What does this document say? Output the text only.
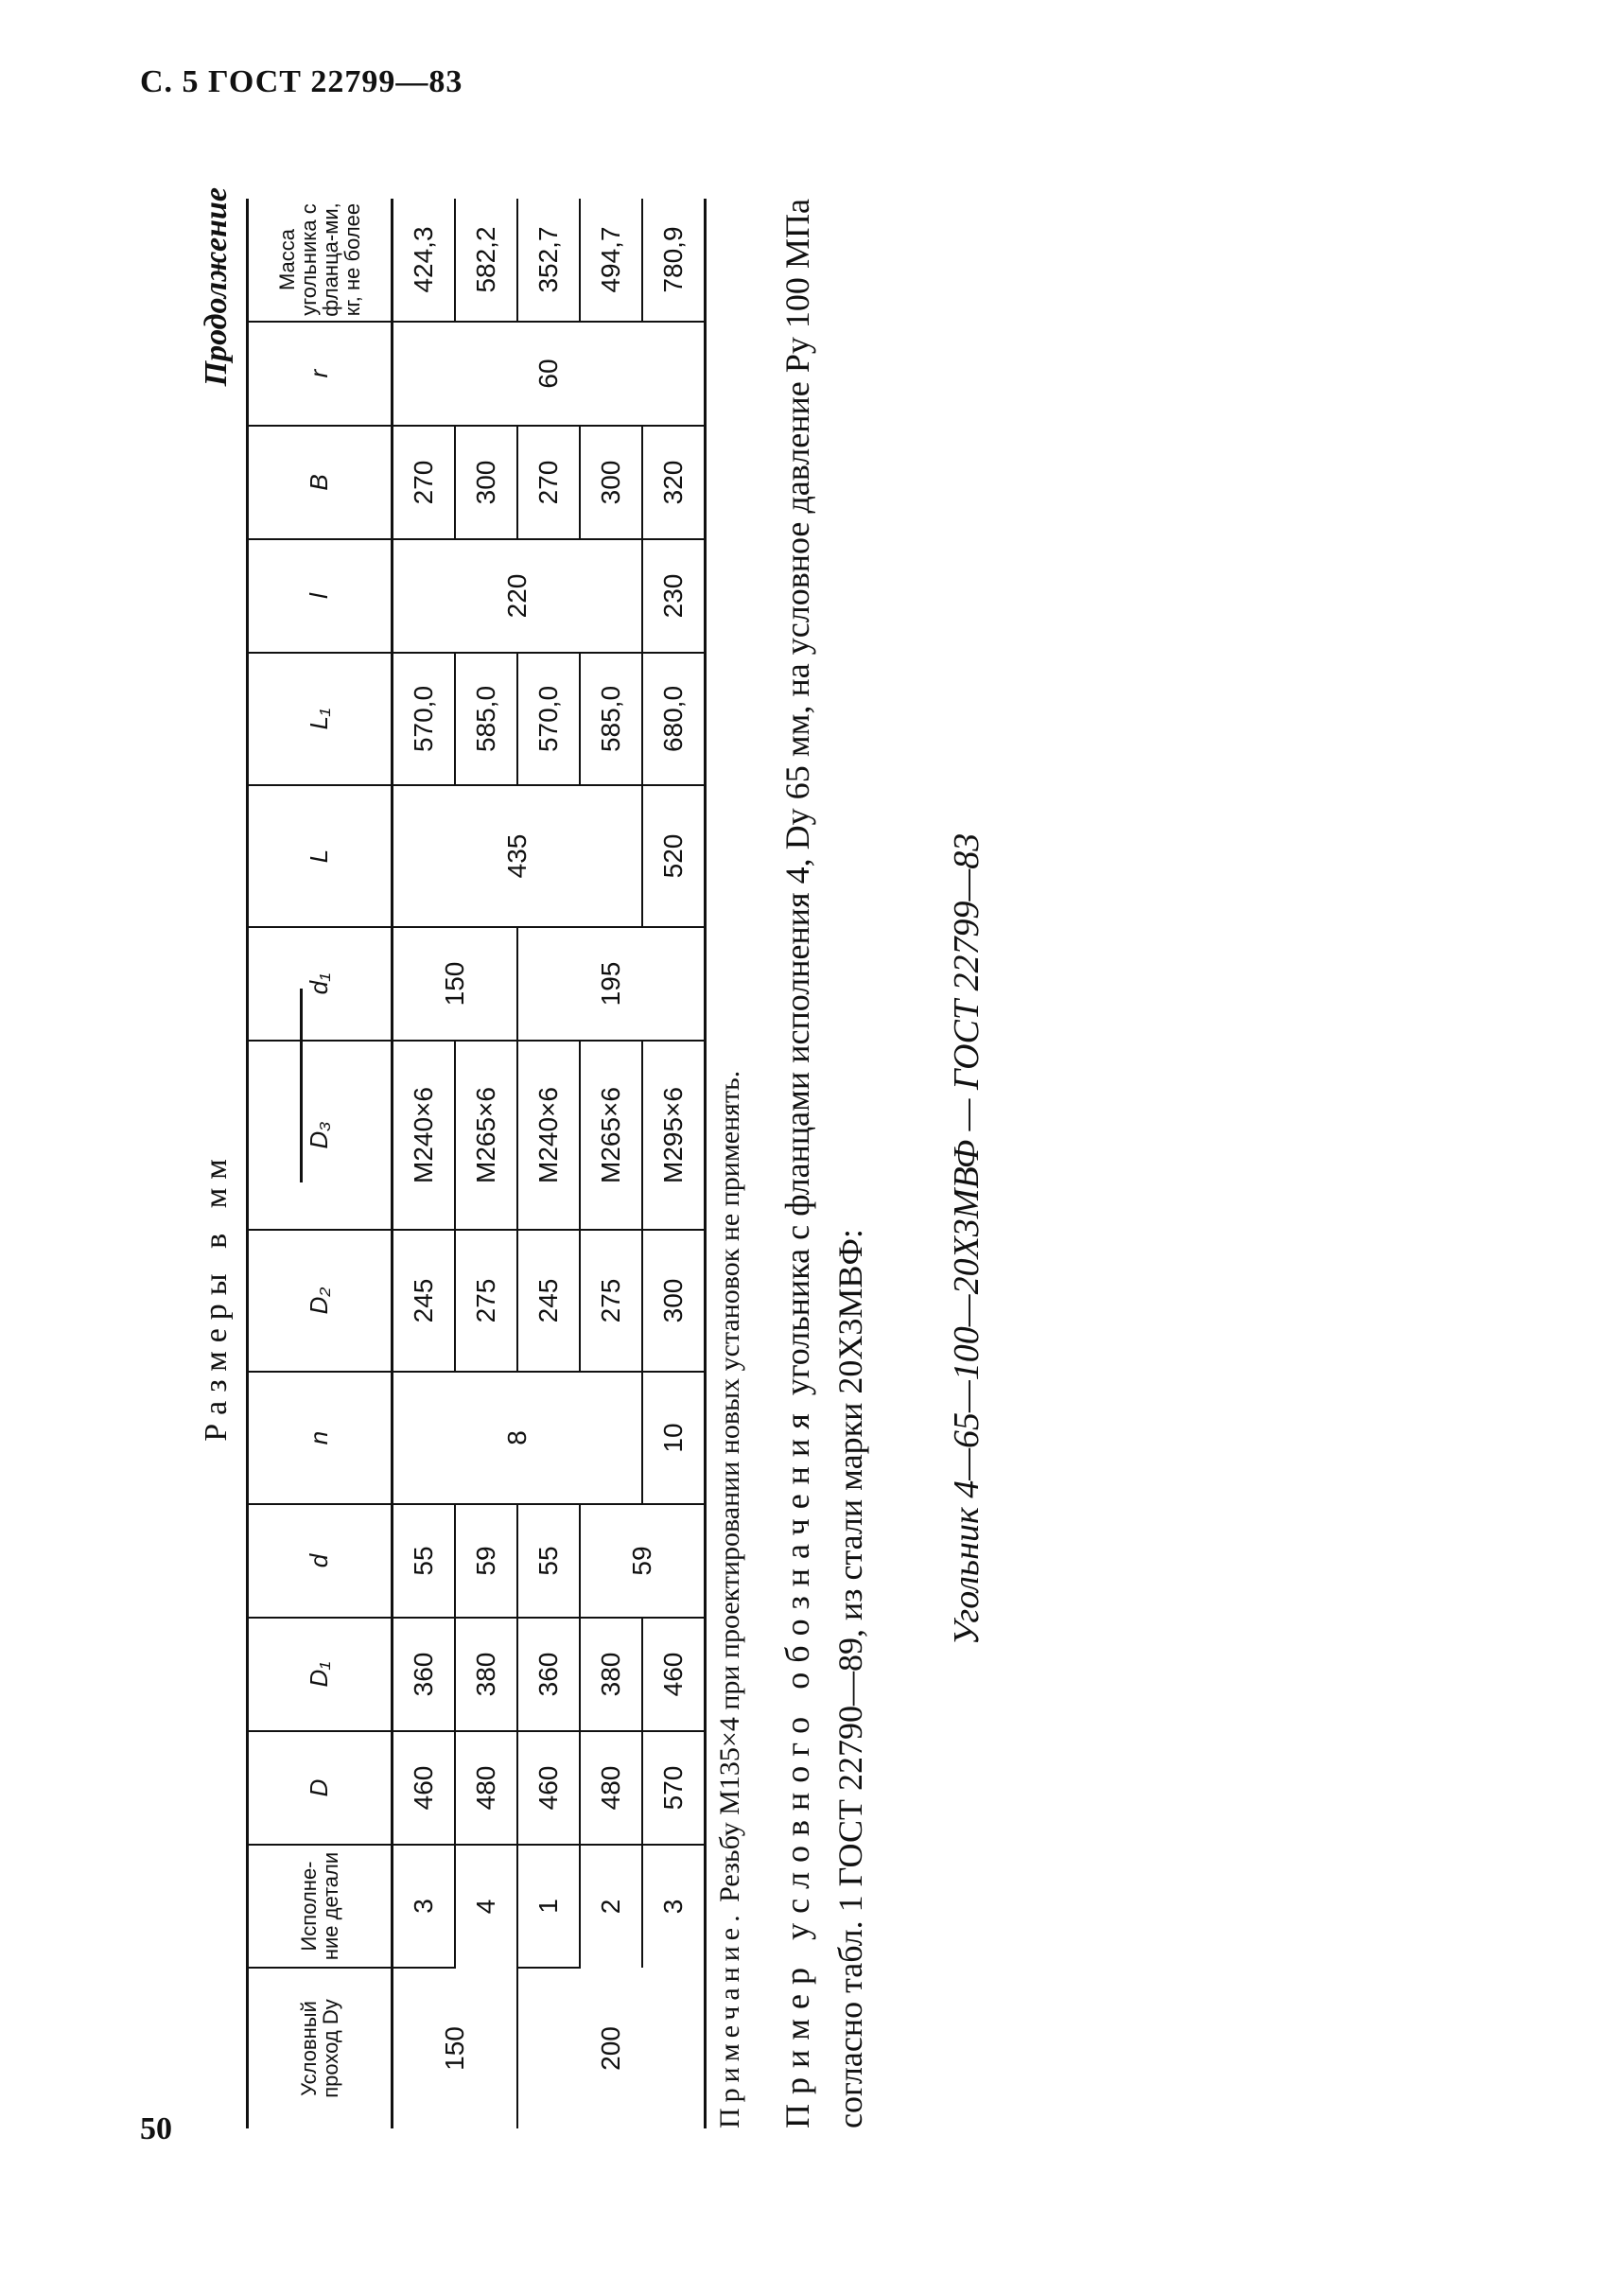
С. 5 ГОСТ 22799—83
Продолжение
Размеры в мм
Условный проход Dу	Исполне-ние детали	D	D₁	d	n	D₂	D₃	d₁	L	L₁	l	B	r	Масса угольника с фланца-ми, кг, не более
150	3	460	360	55	8	245	М240×6	150	435	570,0	220	270	60	424,3
	4	480	380	59		275	М265×6			585,0		300		582,2
200	1	460	360	55		245	М240×6	195		570,0		270		352,7
	2	480	380	59		275	М265×6			585,0		300		494,7
	3	570	460		10	300	М295×6		520	680,0	230	320		780,9
Примечание. Резьбу М135×4 при проектировании новых установок не применять. Пример условного обозначения угольника с фланцами исполнения 4, Dу 65 мм, на условное давление Pу 100 МПа согласно табл. 1 ГОСТ 22790—89, из стали марки 20Х3МВФ: Угольник 4—65—100—20Х3МВФ — ГОСТ 22799—83
50
